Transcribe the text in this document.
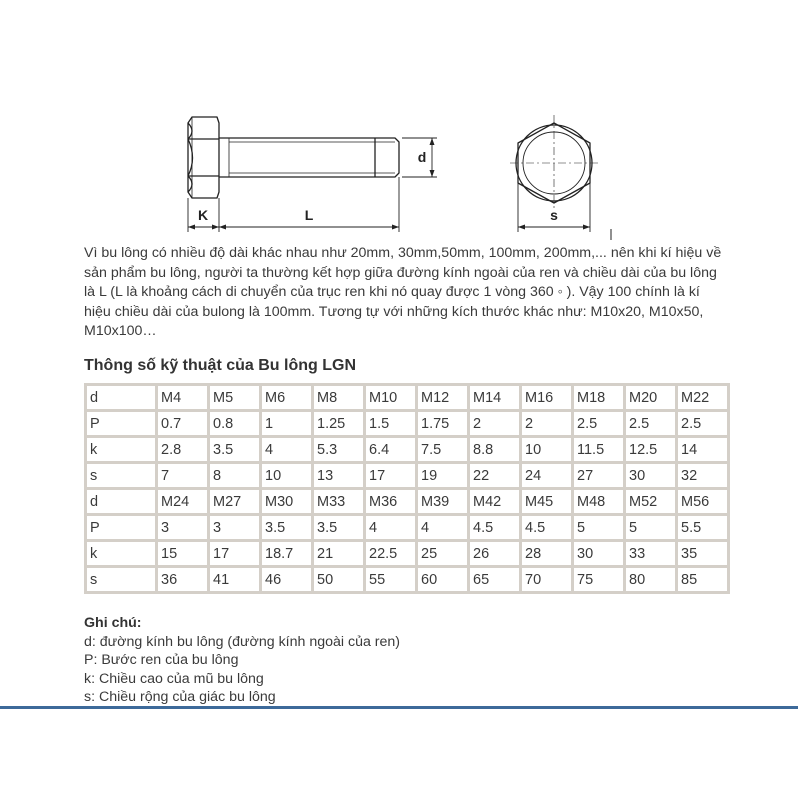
K	L
d
s

Vì bu lông có nhiều độ dài khác nhau như 20mm, 30mm,50mm, 100mm, 200mm,... nên khi kí hiệu về sản phẩm bu lông, người ta thường kết hợp giữa đường kính ngoài của ren và chiều dài của bu lông là L (L là khoảng cách di chuyển của trục ren khi nó quay được 1 vòng 360 ◦ ). Vậy 100 chính là kí hiệu chiều dài của bulong là 100mm. Tương tự với những kích thước khác như: M10x20, M10x50, M10x100…

Thông số kỹ thuật của Bu lông LGN
d	M4	M5	M6	M8	M10	M12	M14	M16	M18	M20	M22
P	0.7	0.8	1	1.25	1.5	1.75	2	2	2.5	2.5	2.5
k	2.8	3.5	4	5.3	6.4	7.5	8.8	10	11.5	12.5	14
s	7	8	10	13	17	19	22	24	27	30	32
d	M24	M27	M30	M33	M36	M39	M42	M45	M48	M52	M56
P	3	3	3.5	3.5	4	4	4.5	4.5	5	5	5.5
k	15	17	18.7	21	22.5	25	26	28	30	33	35
s	36	41	46	50	55	60	65	70	75	80	85
Ghi chú:
d: đường kính bu lông (đường kính ngoài của ren)
P: Bước ren của bu lông
k: Chiều cao của mũ bu lông
s: Chiều rộng của giác bu lông
